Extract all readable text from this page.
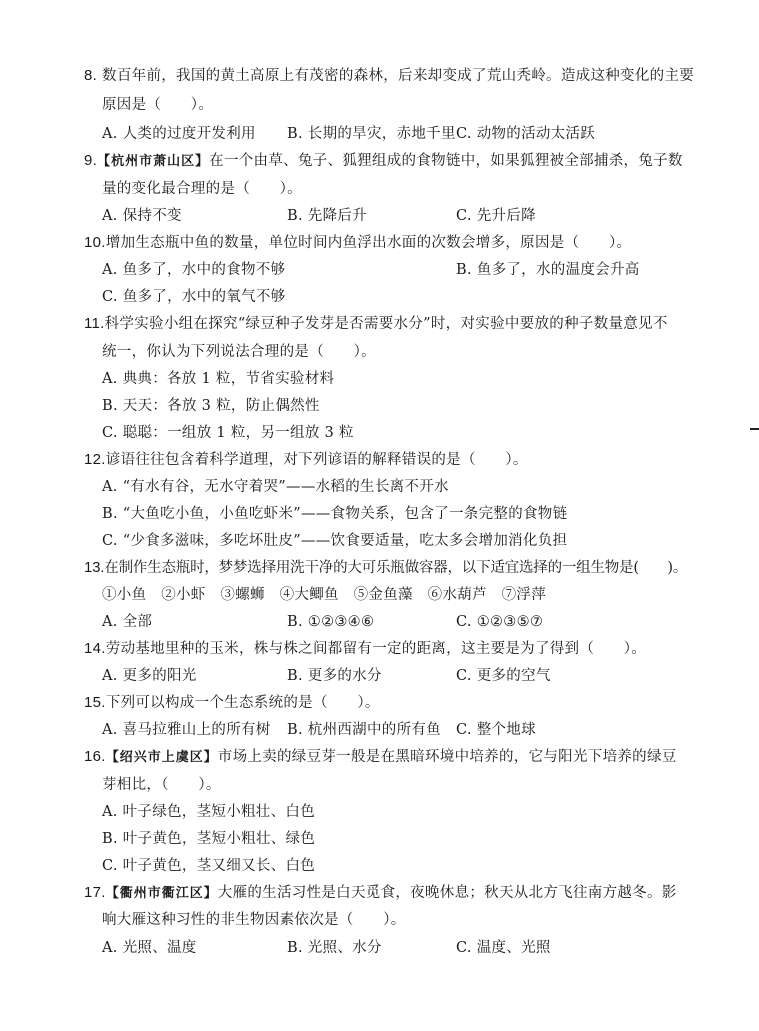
8. 数百年前，我国的黄土高原上有茂密的森林，后来却变成了荒山秃岭。造成这种变化的主要
原因是（　　）。
A. 人类的过度开发利用 B. 长期的旱灾，赤地千里 C. 动物的活动太活跃
9.【杭州市萧山区】在一个由草、兔子、狐狸组成的食物链中，如果狐狸被全部捕杀，兔子数
量的变化最合理的是（　　）。
A. 保持不变	B. 先降后升	C. 先升后降
10.增加生态瓶中鱼的数量，单位时间内鱼浮出水面的次数会增多，原因是（　　）。
A. 鱼多了，水中的食物不够	B. 鱼多了，水的温度会升高
C. 鱼多了，水中的氧气不够
11.科学实验小组在探究“绿豆种子发芽是否需要水分”时，对实验中要放的种子数量意见不
统一，你认为下列说法合理的是（　　）。
A. 典典：各放 1 粒，节省实验材料
B. 天天：各放 3 粒，防止偶然性
C. 聪聪：一组放 1 粒，另一组放 3 粒
12.谚语往往包含着科学道理，对下列谚语的解释错误的是（　　）。
A. “有水有谷，无水守着哭”——水稻的生长离不开水
B. “大鱼吃小鱼，小鱼吃虾米”——食物关系，包含了一条完整的食物链
C. “少食多滋味，多吃坏肚皮”——饮食要适量，吃太多会增加消化负担
13.在制作生态瓶时，梦梦选择用洗干净的大可乐瓶做容器，以下适宜选择的一组生物是(　　)。
①小鱼　②小虾　③螺蛳　④大鲫鱼　⑤金鱼藻　⑥水葫芦　⑦浮萍
A. 全部	B. ①②③④⑥	C. ①②③⑤⑦
14.劳动基地里种的玉米，株与株之间都留有一定的距离，这主要是为了得到（　　）。
A. 更多的阳光	B. 更多的水分	C. 更多的空气
15.下列可以构成一个生态系统的是（　　）。
A. 喜马拉雅山上的所有树 B. 杭州西湖中的所有鱼 C. 整个地球
16.【绍兴市上虞区】市场上卖的绿豆芽一般是在黑暗环境中培养的，它与阳光下培养的绿豆
芽相比，（　　）。
A. 叶子绿色，茎短小粗壮、白色
B. 叶子黄色，茎短小粗壮、绿色
C. 叶子黄色，茎又细又长、白色
17.【衢州市衢江区】大雁的生活习性是白天觅食，夜晚休息；秋天从北方飞往南方越冬。影
响大雁这种习性的非生物因素依次是（　　）。
A. 光照、温度	B. 光照、水分	C. 温度、光照
